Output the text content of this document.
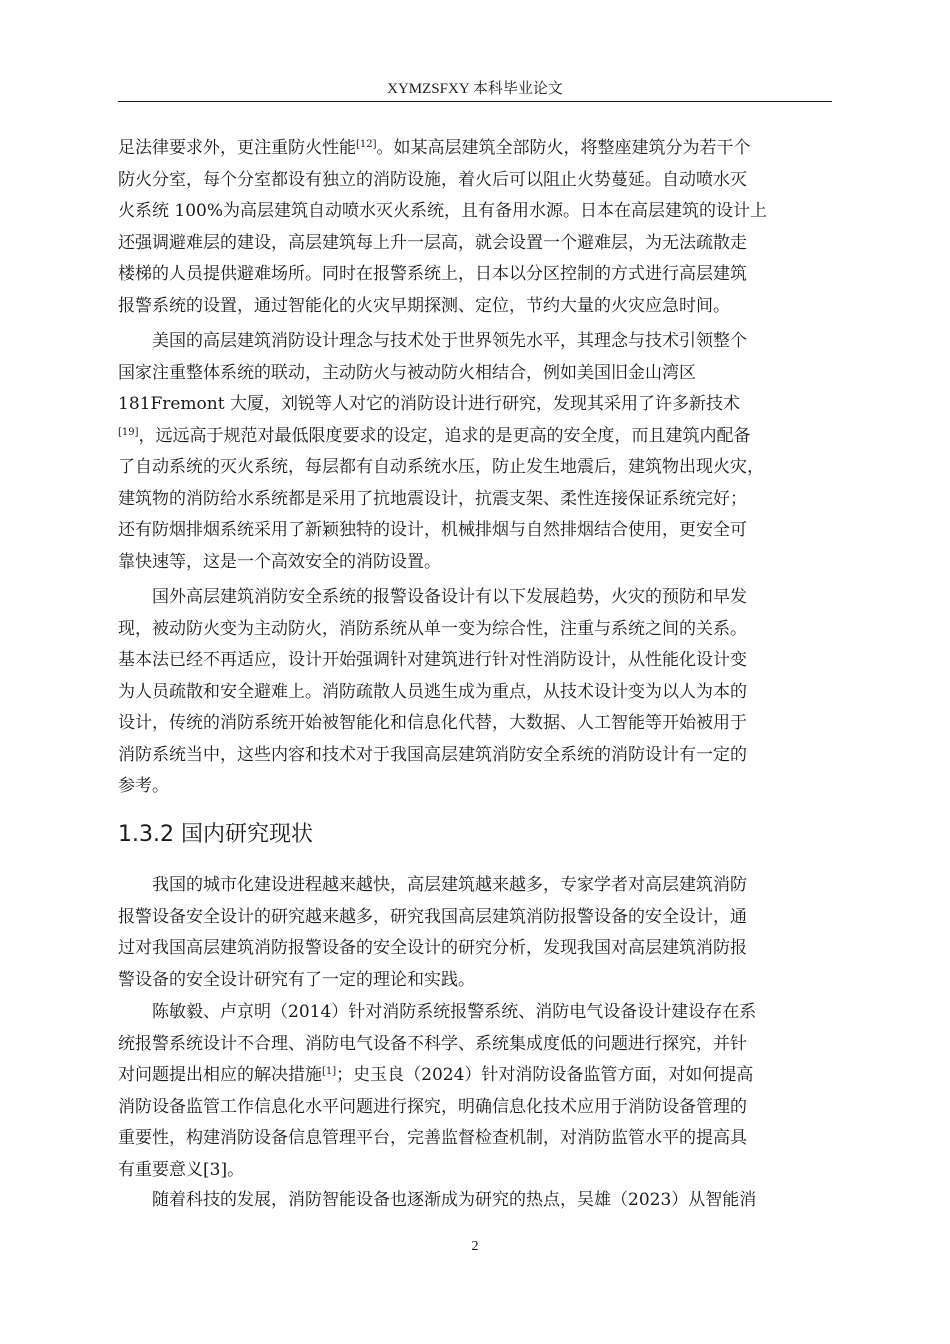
XYMZSFXY 本科毕业论文
足法律要求外，更注重防火性能[12]。如某高层建筑全部防火，将整座建筑分为若干个
防火分室，每个分室都设有独立的消防设施，着火后可以阻止火势蔓延。自动喷水灭
火系统 100%为高层建筑自动喷水灭火系统，且有备用水源。日本在高层建筑的设计上
还强调避难层的建设，高层建筑每上升一层高，就会设置一个避难层，为无法疏散走
楼梯的人员提供避难场所。同时在报警系统上，日本以分区控制的方式进行高层建筑
报警系统的设置，通过智能化的火灾早期探测、定位，节约大量的火灾应急时间。
　　美国的高层建筑消防设计理念与技术处于世界领先水平，其理念与技术引领整个
国家注重整体系统的联动，主动防火与被动防火相结合，例如美国旧金山湾区
181Fremont 大厦，刘锐等人对它的消防设计进行研究，发现其采用了许多新技术
[19]，远远高于规范对最低限度要求的设定，追求的是更高的安全度，而且建筑内配备
了自动系统的灭火系统，每层都有自动系统水压，防止发生地震后，建筑物出现火灾，
建筑物的消防给水系统都是采用了抗地震设计，抗震支架、柔性连接保证系统完好；
还有防烟排烟系统采用了新颖独特的设计，机械排烟与自然排烟结合使用，更安全可
靠快速等，这是一个高效安全的消防设置。
　　国外高层建筑消防安全系统的报警设备设计有以下发展趋势，火灾的预防和早发
现，被动防火变为主动防火，消防系统从单一变为综合性，注重与系统之间的关系。
基本法已经不再适应，设计开始强调针对建筑进行针对性消防设计，从性能化设计变
为人员疏散和安全避难上。消防疏散人员逃生成为重点，从技术设计变为以人为本的
设计，传统的消防系统开始被智能化和信息化代替，大数据、人工智能等开始被用于
消防系统当中，这些内容和技术对于我国高层建筑消防安全系统的消防设计有一定的
参考。
1.3.2 国内研究现状
　　我国的城市化建设进程越来越快，高层建筑越来越多，专家学者对高层建筑消防
报警设备安全设计的研究越来越多，研究我国高层建筑消防报警设备的安全设计，通
过对我国高层建筑消防报警设备的安全设计的研究分析，发现我国对高层建筑消防报
警设备的安全设计研究有了一定的理论和实践。
　　陈敏毅、卢京明（2014）针对消防系统报警系统、消防电气设备设计建设存在系
统报警系统设计不合理、消防电气设备不科学、系统集成度低的问题进行探究，并针
对问题提出相应的解决措施[1]；史玉良（2024）针对消防设备监管方面，对如何提高
消防设备监管工作信息化水平问题进行探究，明确信息化技术应用于消防设备管理的
重要性，构建消防设备信息管理平台，完善监督检查机制，对消防监管水平的提高具
有重要意义[3]。
　　随着科技的发展，消防智能设备也逐渐成为研究的热点，吴雄（2023）从智能消
2
